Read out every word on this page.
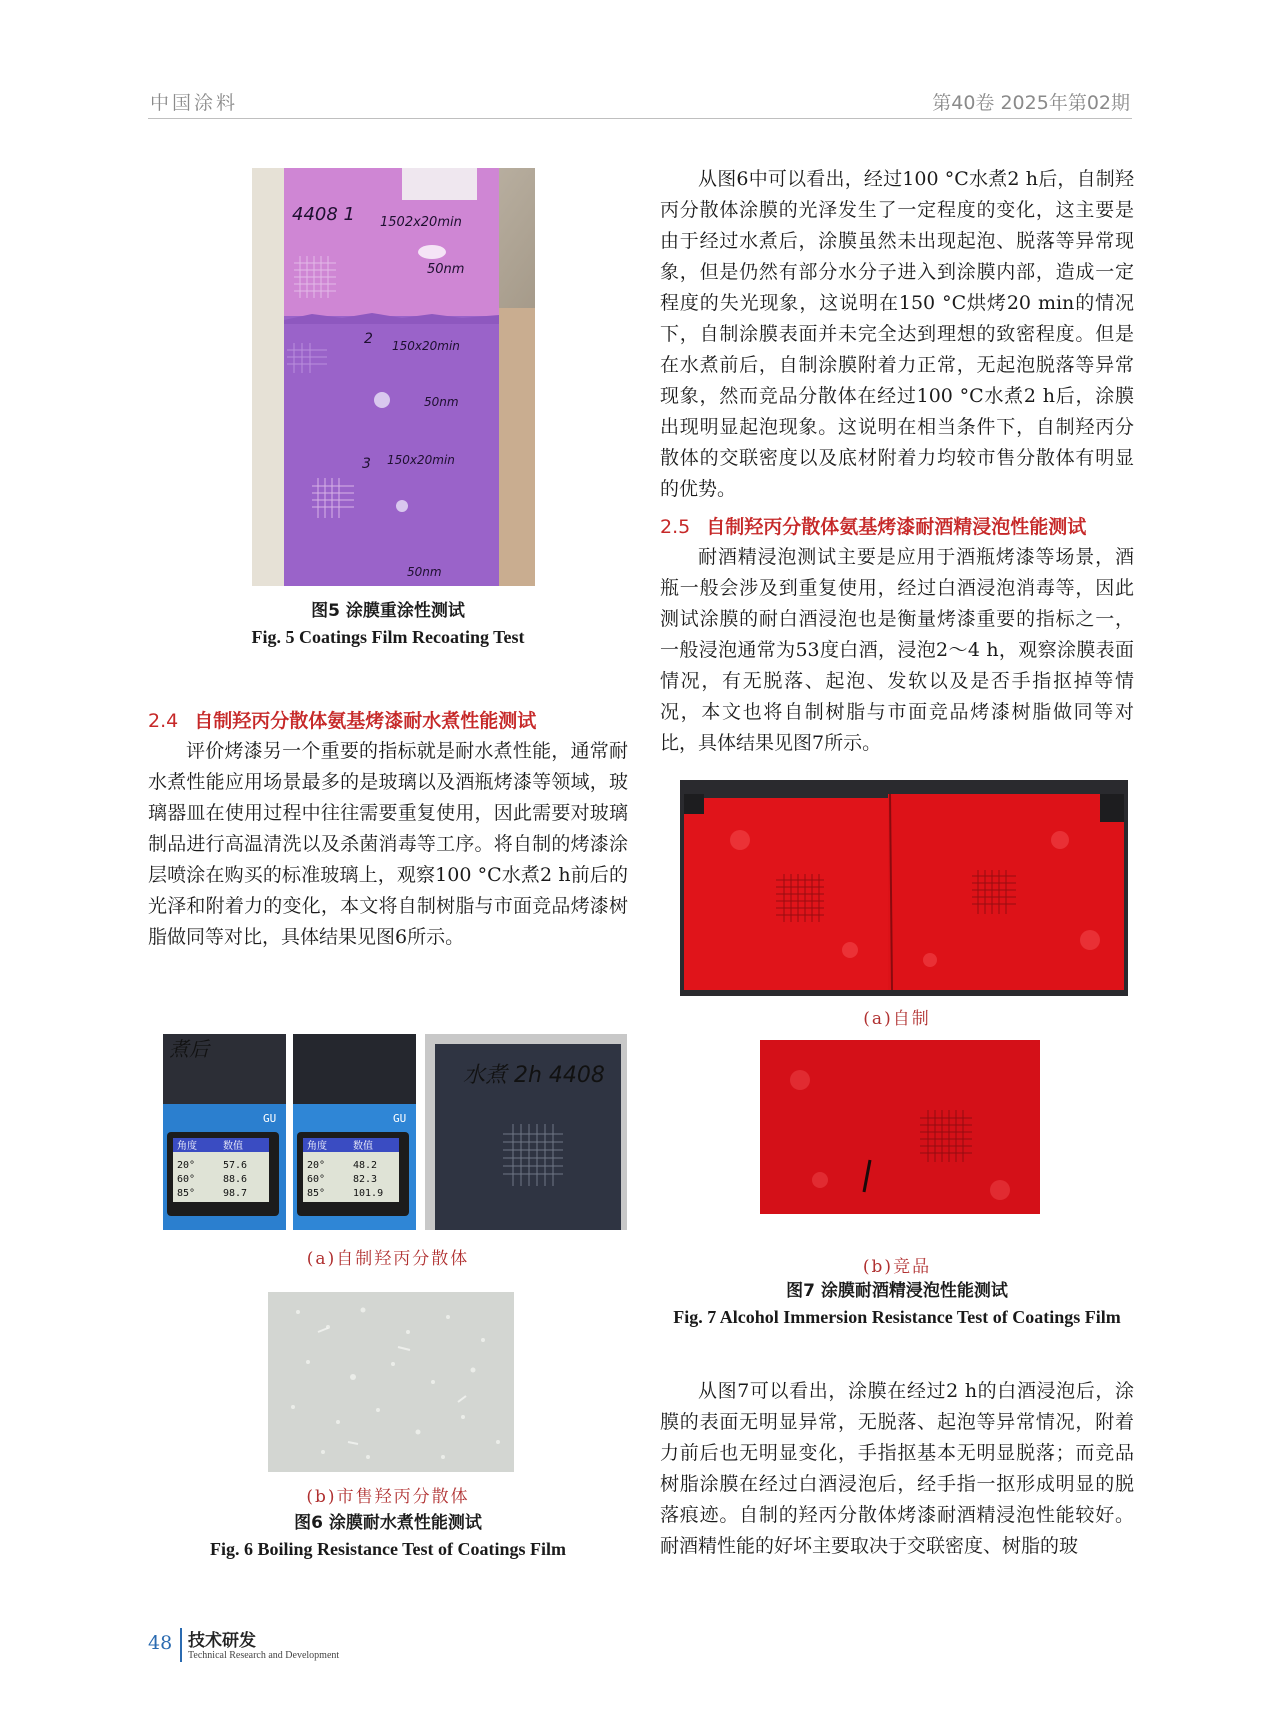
中国涂料	第40卷 2025年第02期
4408 1 1502x20min
50nm
2 150x20min
50nm
3 150x20min
50nm
图5 涂膜重涂性测试
Fig. 5 Coatings Film Recoating Test
2.4 自制羟丙分散体氨基烤漆耐水煮性能测试

评价烤漆另一个重要的指标就是耐水煮性能，通常耐水煮性能应用场景最多的是玻璃以及酒瓶烤漆等领域，玻璃器皿在使用过程中往往需要重复使用，因此需要对玻璃制品进行高温清洗以及杀菌消毒等工序。将自制的烤漆涂层喷涂在购买的标准玻璃上，观察100 °C水煮2 h前后的光泽和附着力的变化，本文将自制树脂与市面竞品烤漆树脂做同等对比，具体结果见图6所示。

煮后
水煮 2h 4408
角度	数值
GU
20°	57.6
60°	88.6
85°	98.7
角度	数值
GU
20°	48.2
60°	82.3
85°	101.9
(a)自制羟丙分散体
(b)市售羟丙分散体
图6 涂膜耐水煮性能测试
Fig. 6 Boiling Resistance Test of Coatings Film

从图6中可以看出，经过100 °C水煮2 h后，自制羟丙分散体涂膜的光泽发生了一定程度的变化，这主要是由于经过水煮后，涂膜虽然未出现起泡、脱落等异常现象，但是仍然有部分水分子进入到涂膜内部，造成一定程度的失光现象，这说明在150 °C烘烤20 min的情况下，自制涂膜表面并未完全达到理想的致密程度。但是在水煮前后，自制涂膜附着力正常，无起泡脱落等异常现象，然而竞品分散体在经过100 °C水煮2 h后，涂膜出现明显起泡现象。这说明在相当条件下，自制羟丙分散体的交联密度以及底材附着力均较市售分散体有明显的优势。

2.5 自制羟丙分散体氨基烤漆耐酒精浸泡性能测试

耐酒精浸泡测试主要是应用于酒瓶烤漆等场景，酒瓶一般会涉及到重复使用，经过白酒浸泡消毒等，因此测试涂膜的耐白酒浸泡也是衡量烤漆重要的指标之一，一般浸泡通常为53度白酒，浸泡2～4 h，观察涂膜表面情况，有无脱落、起泡、发软以及是否手指抠掉等情况，本文也将自制树脂与市面竞品烤漆树脂做同等对比，具体结果见图7所示。

(a)自制
(b)竞品
图7 涂膜耐酒精浸泡性能测试
Fig. 7 Alcohol Immersion Resistance Test of Coatings Film

从图7可以看出，涂膜在经过2 h的白酒浸泡后，涂膜的表面无明显异常，无脱落、起泡等异常情况，附着力前后也无明显变化，手指抠基本无明显脱落；而竞品树脂涂膜在经过白酒浸泡后，经手指一抠形成明显的脱落痕迹。自制的羟丙分散体烤漆耐酒精浸泡性能较好。耐酒精性能的好坏主要取决于交联密度、树脂的玻

48 技术研发
Technical Research and Development
